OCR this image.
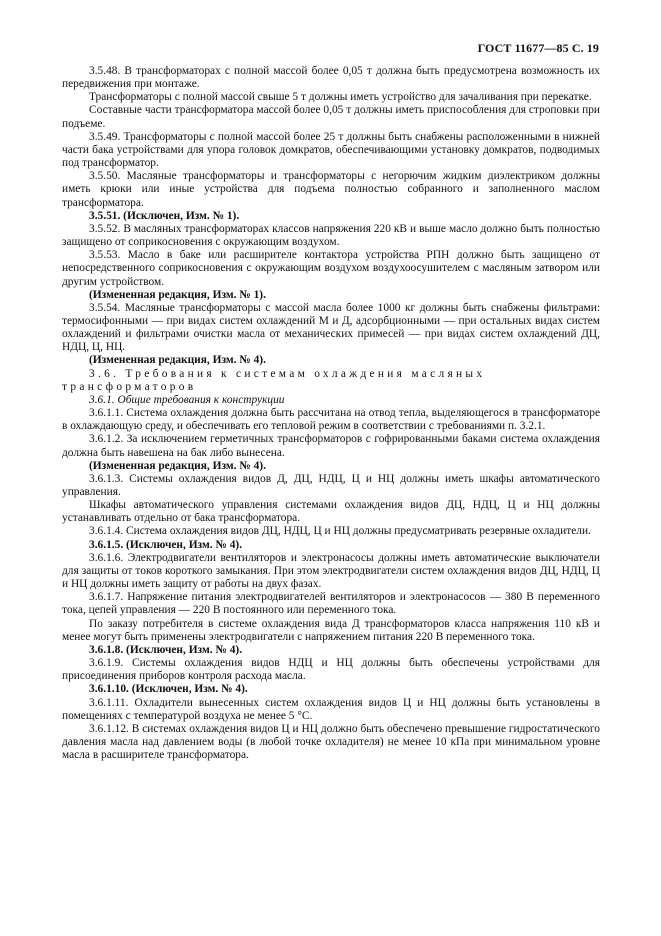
ГОСТ 11677—85 С. 19

3.5.48. В трансформаторах с полной массой более 0,05 т должна быть предусмотрена возможность их передвижения при монтаже.

Трансформаторы с полной массой свыше 5 т должны иметь устройство для зачаливания при перекатке.

Составные части трансформатора массой более 0,05 т должны иметь приспособления для строповки при подъеме.

3.5.49. Трансформаторы с полной массой более 25 т должны быть снабжены расположенными в нижней части бака устройствами для упора головок домкратов, обеспечивающими установку домкратов, подводимых под трансформатор.

3.5.50. Масляные трансформаторы и трансформаторы с негорючим жидким диэлектриком должны иметь крюки или иные устройства для подъема полностью собранного и заполненного маслом трансформатора.

3.5.51. (Исключен, Изм. № 1).

3.5.52. В масляных трансформаторах классов напряжения 220 кВ и выше масло должно быть полностью защищено от соприкосновения с окружающим воздухом.

3.5.53. Масло в баке или расширителе контактора устройства РПН должно быть защищено от непосредственного соприкосновения с окружающим воздухом воздухоосушителем с масляным затвором или другим устройством.

(Измененная редакция, Изм. № 1).

3.5.54. Масляные трансформаторы с массой масла более 1000 кг должны быть снабжены фильтрами: термосифонными — при видах систем охлаждений М и Д, адсорбционными — при остальных видах систем охлаждений и фильтрами очистки масла от механических примесей — при видах систем охлаждений ДЦ, НДЦ, Ц, НЦ.

(Измененная редакция, Изм. № 4).

3.6. Требования к системам охлаждения масляных трансформаторов

3.6.1. Общие требования к конструкции

3.6.1.1. Система охлаждения должна быть рассчитана на отвод тепла, выделяющегося в трансформаторе в охлаждающую среду, и обеспечивать его тепловой режим в соответствии с требованиями п. 3.2.1.

3.6.1.2. За исключением герметичных трансформаторов с гофрированными баками система охлаждения должна быть навешена на бак либо вынесена.

(Измененная редакция, Изм. № 4).

3.6.1.3. Системы охлаждения видов Д, ДЦ, НДЦ, Ц и НЦ должны иметь шкафы автоматического управления.

Шкафы автоматического управления системами охлаждения видов ДЦ, НДЦ, Ц и НЦ должны устанавливать отдельно от бака трансформатора.

3.6.1.4. Система охлаждения видов ДЦ, НДЦ, Ц и НЦ должны предусматривать резервные охладители.

3.6.1.5. (Исключен, Изм. № 4).

3.6.1.6. Электродвигатели вентиляторов и электронасосы должны иметь автоматические выключатели для защиты от токов короткого замыкания. При этом электродвигатели систем охлаждения видов ДЦ, НДЦ, Ц и НЦ должны иметь защиту от работы на двух фазах.

3.6.1.7. Напряжение питания электродвигателей вентиляторов и электронасосов — 380 В переменного тока, цепей управления — 220 В постоянного или переменного тока.

По заказу потребителя в системе охлаждения вида Д трансформаторов класса напряжения 110 кВ и менее могут быть применены электродвигатели с напряжением питания 220 В переменного тока.

3.6.1.8. (Исключен, Изм. № 4).

3.6.1.9. Системы охлаждения видов НДЦ и НЦ должны быть обеспечены устройствами для присоединения приборов контроля расхода масла.

3.6.1.10. (Исключен, Изм. № 4).

3.6.1.11. Охладители вынесенных систем охлаждения видов Ц и НЦ должны быть установлены в помещениях с температурой воздуха не менее 5 °С.

3.6.1.12. В системах охлаждения видов Ц и НЦ должно быть обеспечено превышение гидростатического давления масла над давлением воды (в любой точке охладителя) не менее 10 кПа при минимальном уровне масла в расширителе трансформатора.
